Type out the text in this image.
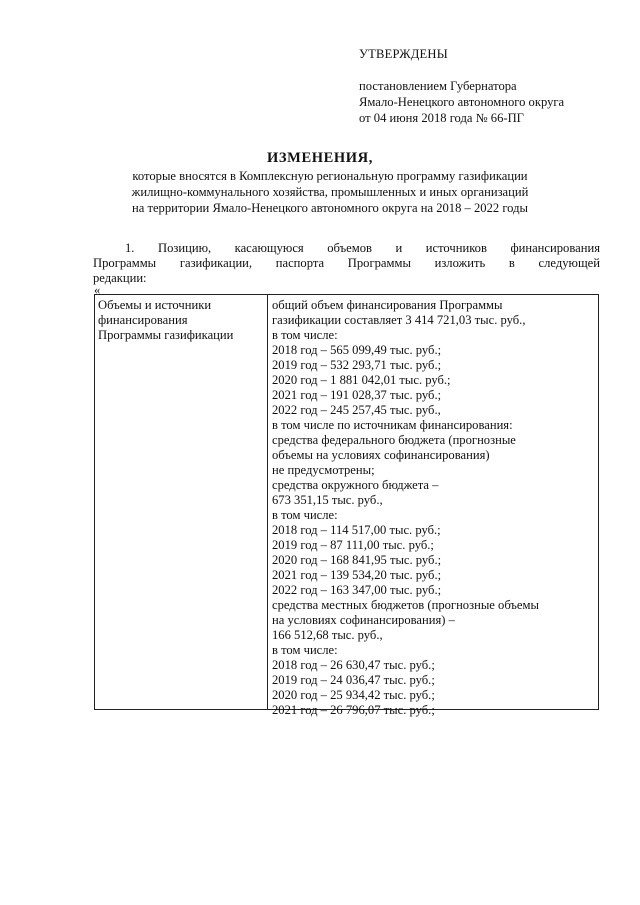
УТВЕРЖДЕНЫ
постановлением Губернатора
Ямало-Ненецкого автономного округа
от 04 июня 2018 года № 66-ПГ
ИЗМЕНЕНИЯ,
которые вносятся в Комплексную региональную программу газификации
жилищно-коммунального хозяйства, промышленных и иных организаций
на территории Ямало-Ненецкого автономного округа на 2018 – 2022 годы
1. Позицию, касающуюся объемов и источников финансирования
Программы газификации, паспорта Программы изложить в следующей
редакции:
«
Объемы и источники
финансирования
Программы газификации
общий объем финансирования Программы
газификации составляет 3 414 721,03 тыс. руб.,
в том числе:
2018 год – 565 099,49 тыс. руб.;
2019 год – 532 293,71 тыс. руб.;
2020 год – 1 881 042,01 тыс. руб.;
2021 год – 191 028,37 тыс. руб.;
2022 год – 245 257,45 тыс. руб.,
в том числе по источникам финансирования:
средства федерального бюджета (прогнозные
объемы на условиях софинансирования)
не предусмотрены;
средства окружного бюджета –
673 351,15 тыс. руб.,
в том числе:
2018 год – 114 517,00 тыс. руб.;
2019 год – 87 111,00 тыс. руб.;
2020 год – 168 841,95 тыс. руб.;
2021 год – 139 534,20 тыс. руб.;
2022 год – 163 347,00 тыс. руб.;
средства местных бюджетов (прогнозные объемы
на условиях софинансирования) –
166 512,68 тыс. руб.,
в том числе:
2018 год – 26 630,47 тыс. руб.;
2019 год – 24 036,47 тыс. руб.;
2020 год – 25 934,42 тыс. руб.;
2021 год – 26 796,07 тыс. руб.;
